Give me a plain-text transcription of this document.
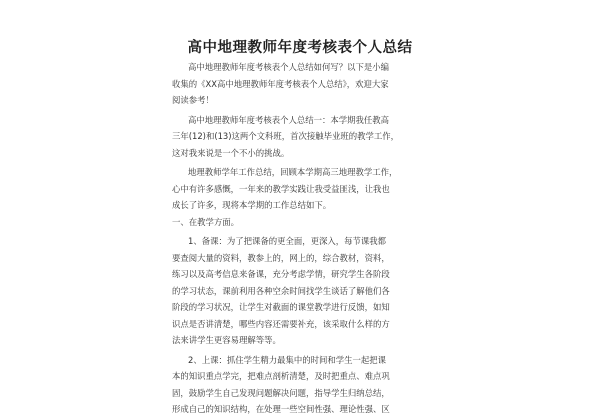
高中地理教师年度考核表个人总结

高中地理教师年度考核表个人总结如何写？以下是小编
收集的《XX高中地理教师年度考核表个人总结》，欢迎大家
阅读参考！

高中地理教师年度考核表个人总结一：本学期我任教高
三年(12)和(13)这两个文科班，首次接触毕业班的教学工作，
这对我来说是一个不小的挑战。

地理教师学年工作总结，回顾本学期高三地理教学工作，
心中有许多感慨，一年来的教学实践让我受益匪浅，让我也
成长了许多，现将本学期的工作总结如下。

一、在教学方面。

1、备课：为了把课备的更全面，更深入，每节课我都
要查阅大量的资料，教参上的，网上的，综合教材，资料，
练习以及高考信息来备课，充分考虑学情，研究学生各阶段
的学习状态，课前利用各种空余时间找学生谈话了解他们各
阶段的学习状况，让学生对截面的课堂教学进行反馈，如知
识点是否讲清楚，哪些内容还需要补充，该采取什么样的方
法来讲学生更容易理解等等。

2、上课：抓住学生精力最集中的时间和学生一起把课
本的知识重点学完，把难点剖析清楚，及时把重点、难点巩
固，鼓励学生自己发现问题解决问题，指导学生归纳总结，
形成自己的知识结构，在处理一些空间性强、理论性强、区
